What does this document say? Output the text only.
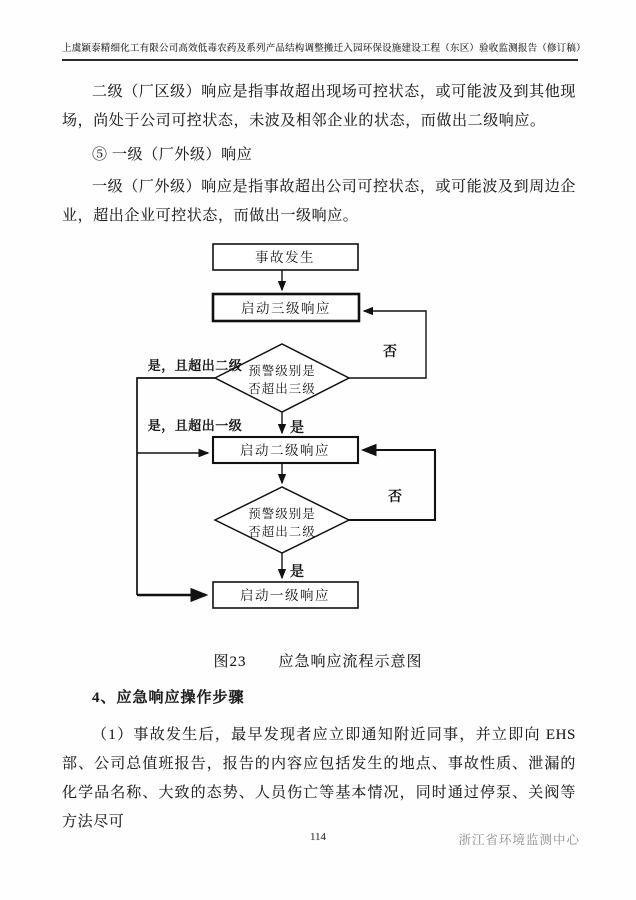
上虞颖泰精细化工有限公司高效低毒农药及系列产品结构调整搬迁入园环保设施建设工程（东区）验收监测报告（修订稿）

二级（厂区级）响应是指事故超出现场可控状态，或可能波及到其他现场，尚处于公司可控状态，未波及相邻企业的状态，而做出二级响应。

⑤ 一级（厂外级）响应

一级（厂外级）响应是指事故超出公司可控状态，或可能波及到周边企业，超出企业可控状态，而做出一级响应。

事故发生
启动三级响应
预警级别是
否超出三级
启动二级响应
预警级别是
否超出二级
启动一级响应
否
是
是，且超出二级
是，且超出一级
否
是
图23　　应急响应流程示意图

4、应急响应操作步骤

（1）事故发生后，最早发现者应立即通知附近同事，并立即向 EHS 部、公司总值班报告，报告的内容应包括发生的地点、事故性质、泄漏的化学品名称、大致的态势、人员伤亡等基本情况，同时通过停泵、关阀等方法尽可

114	浙江省环境监测中心
